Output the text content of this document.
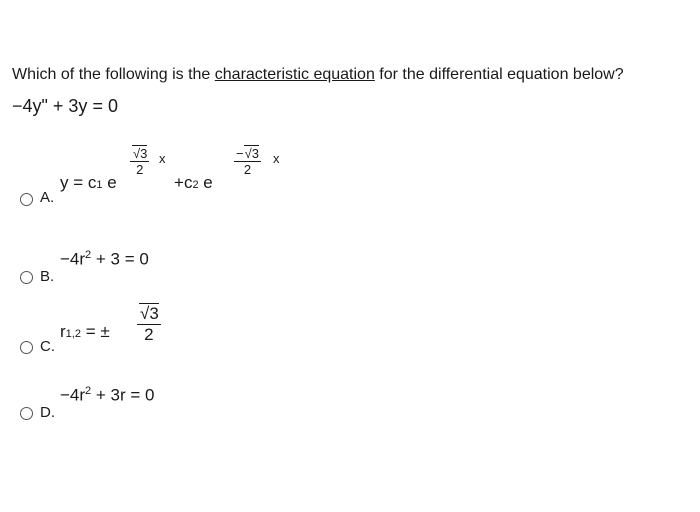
Which of the following is the characteristic equation for the differential equation below?
−4y" + 3y = 0
A.
y = c1 e
$\frac{√3}{2}$ x
+c2 e
$\frac{-√3}{2}$ x
B.
$-4r^2 + 3 = 0$
C.
r1,2 = ± $\frac{√3}{2}$
D.
$-4r^2 + 3r = 0$
